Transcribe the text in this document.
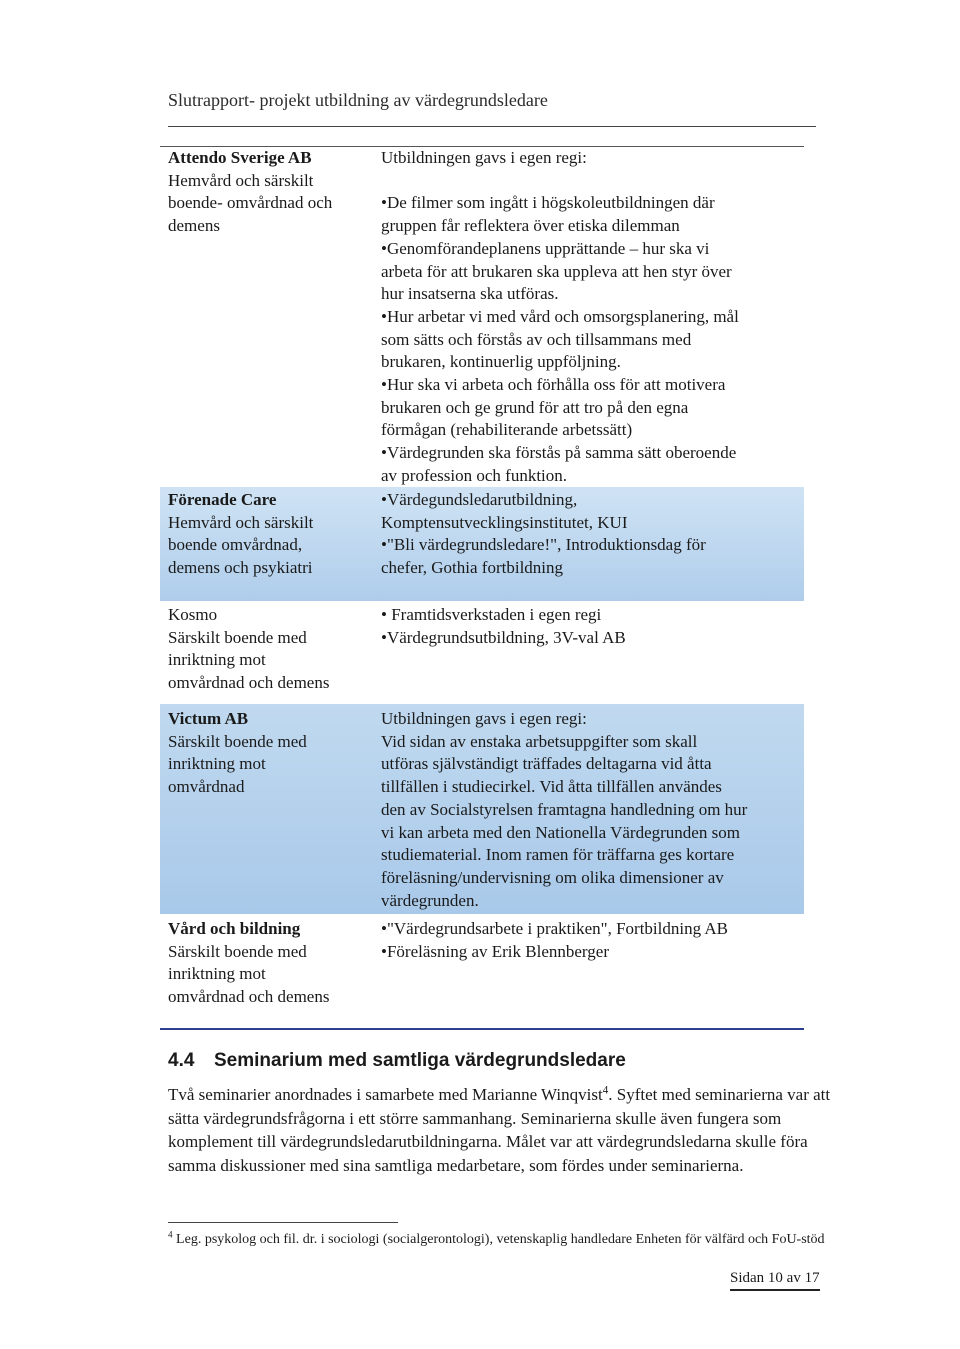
Slutrapport- projekt utbildning av värdegrundsledare
Attendo Sverige AB
Hemvård och särskilt
boende- omvårdnad och
demens
Utbildningen gavs i egen regi:
•De filmer som ingått i högskoleutbildningen där
gruppen får reflektera över etiska dilemman
•Genomförandeplanens upprättande – hur ska vi
arbeta för att brukaren ska uppleva att hen styr över
hur insatserna ska utföras.
•Hur arbetar vi med vård och omsorgsplanering, mål
som sätts och förstås av och tillsammans med
brukaren, kontinuerlig uppföljning.
•Hur ska vi arbeta och förhålla oss för att motivera
brukaren och ge grund för att tro på den egna
förmågan (rehabiliterande arbetssätt)
•Värdegrunden ska förstås på samma sätt oberoende
av profession och funktion.
Förenade Care
Hemvård och särskilt
boende omvårdnad,
demens och psykiatri
•Värdegundsledarutbildning,
Komptensutvecklingsinstitutet, KUI
•"Bli värdegrundsledare!", Introduktionsdag för
chefer, Gothia fortbildning
Kosmo
Särskilt boende med
inriktning mot
omvårdnad och demens
• Framtidsverkstaden i egen regi
•Värdegrundsutbildning, 3V-val AB
Victum AB
Särskilt boende med
inriktning mot
omvårdnad
Utbildningen gavs i egen regi:
Vid sidan av enstaka arbetsuppgifter som skall
utföras självständigt träffades deltagarna vid åtta
tillfällen i studiecirkel. Vid åtta tillfällen användes
den av Socialstyrelsen framtagna handledning om hur
vi kan arbeta med den Nationella Värdegrunden som
studiematerial. Inom ramen för träffarna ges kortare
föreläsning/undervisning om olika dimensioner av
värdegrunden.
Vård och bildning
Särskilt boende med
inriktning mot
omvårdnad och demens
•"Värdegrundsarbete i praktiken", Fortbildning AB
•Föreläsning av Erik Blennberger
4.4 Seminarium med samtliga värdegrundsledare
Två seminarier anordnades i samarbete med Marianne Winqvist$^4$. Syftet med seminarierna var att sätta värdegrundsfrågorna i ett större sammanhang. Seminarierna skulle även fungera som komplement till värdegrundsledarutbildningarna. Målet var att värdegrundsledarna skulle föra samma diskussioner med sina samtliga medarbetare, som fördes under seminarierna.
$^4$ Leg. psykolog och fil. dr. i sociologi (socialgerontologi), vetenskaplig handledare Enheten för välfärd och FoU-stöd
Sidan 10 av 17
